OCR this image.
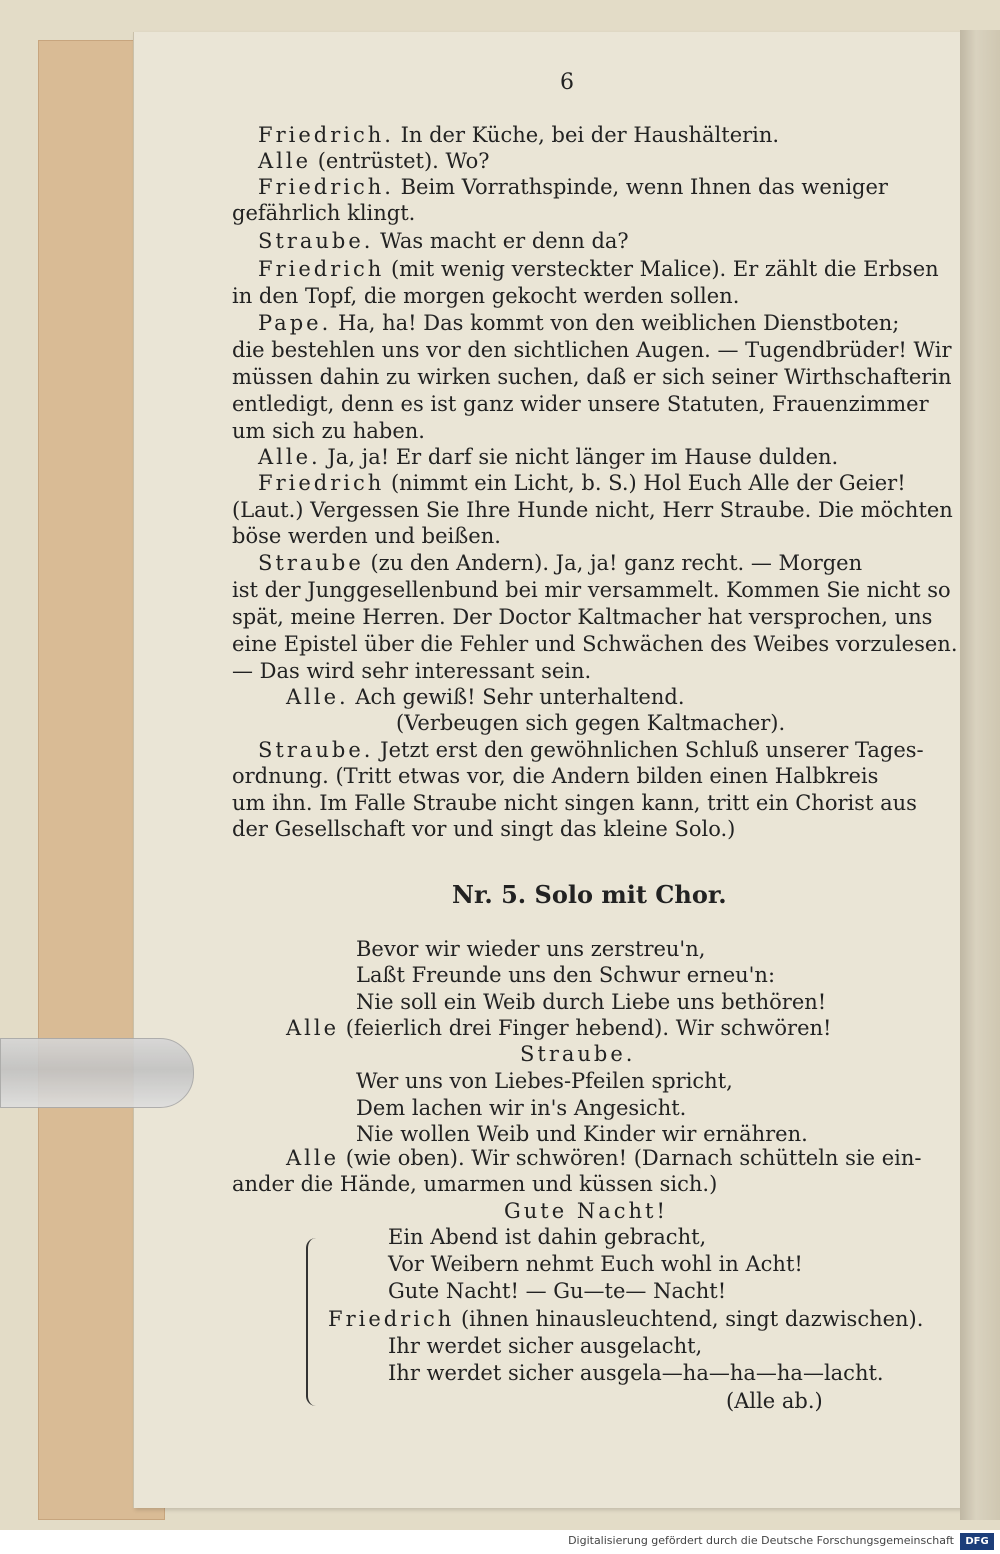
6
Friedrich. In der Küche, bei der Haushälterin.
Alle (entrüstet). Wo?
Friedrich. Beim Vorrathspinde, wenn Ihnen das weniger
gefährlich klingt.
Straube. Was macht er denn da?
Friedrich (mit wenig versteckter Malice). Er zählt die Erbsen
in den Topf, die morgen gekocht werden sollen.
Pape. Ha, ha! Das kommt von den weiblichen Dienstboten;
die bestehlen uns vor den sichtlichen Augen. — Tugendbrüder! Wir
müssen dahin zu wirken suchen, daß er sich seiner Wirthschafterin
entledigt, denn es ist ganz wider unsere Statuten, Frauenzimmer
um sich zu haben.
Alle. Ja, ja! Er darf sie nicht länger im Hause dulden.
Friedrich (nimmt ein Licht, b. S.) Hol Euch Alle der Geier!
(Laut.) Vergessen Sie Ihre Hunde nicht, Herr Straube. Die möchten
böse werden und beißen.
Straube (zu den Andern). Ja, ja! ganz recht. — Morgen
ist der Junggesellenbund bei mir versammelt. Kommen Sie nicht so
spät, meine Herren. Der Doctor Kaltmacher hat versprochen, uns
eine Epistel über die Fehler und Schwächen des Weibes vorzulesen.
— Das wird sehr interessant sein.
Alle. Ach gewiß! Sehr unterhaltend.
(Verbeugen sich gegen Kaltmacher).
Straube. Jetzt erst den gewöhnlichen Schluß unserer Tages-
ordnung. (Tritt etwas vor, die Andern bilden einen Halbkreis
um ihn. Im Falle Straube nicht singen kann, tritt ein Chorist aus
der Gesellschaft vor und singt das kleine Solo.)
Nr. 5. Solo mit Chor.
Bevor wir wieder uns zerstreu'n,
Laßt Freunde uns den Schwur erneu'n:
Nie soll ein Weib durch Liebe uns bethören!
Alle (feierlich drei Finger hebend). Wir schwören!
Straube.
Wer uns von Liebes-Pfeilen spricht,
Dem lachen wir in's Angesicht.
Nie wollen Weib und Kinder wir ernähren.
Alle (wie oben). Wir schwören! (Darnach schütteln sie ein-
ander die Hände, umarmen und küssen sich.)
Gute Nacht!
Ein Abend ist dahin gebracht,
Vor Weibern nehmt Euch wohl in Acht!
Gute Nacht! — Gu—te— Nacht!
Friedrich (ihnen hinausleuchtend, singt dazwischen).
Ihr werdet sicher ausgelacht,
Ihr werdet sicher ausgela—ha—ha—ha—lacht.
(Alle ab.)
Digitalisierung gefördert durch die Deutsche Forschungsgemeinschaft	DFG
